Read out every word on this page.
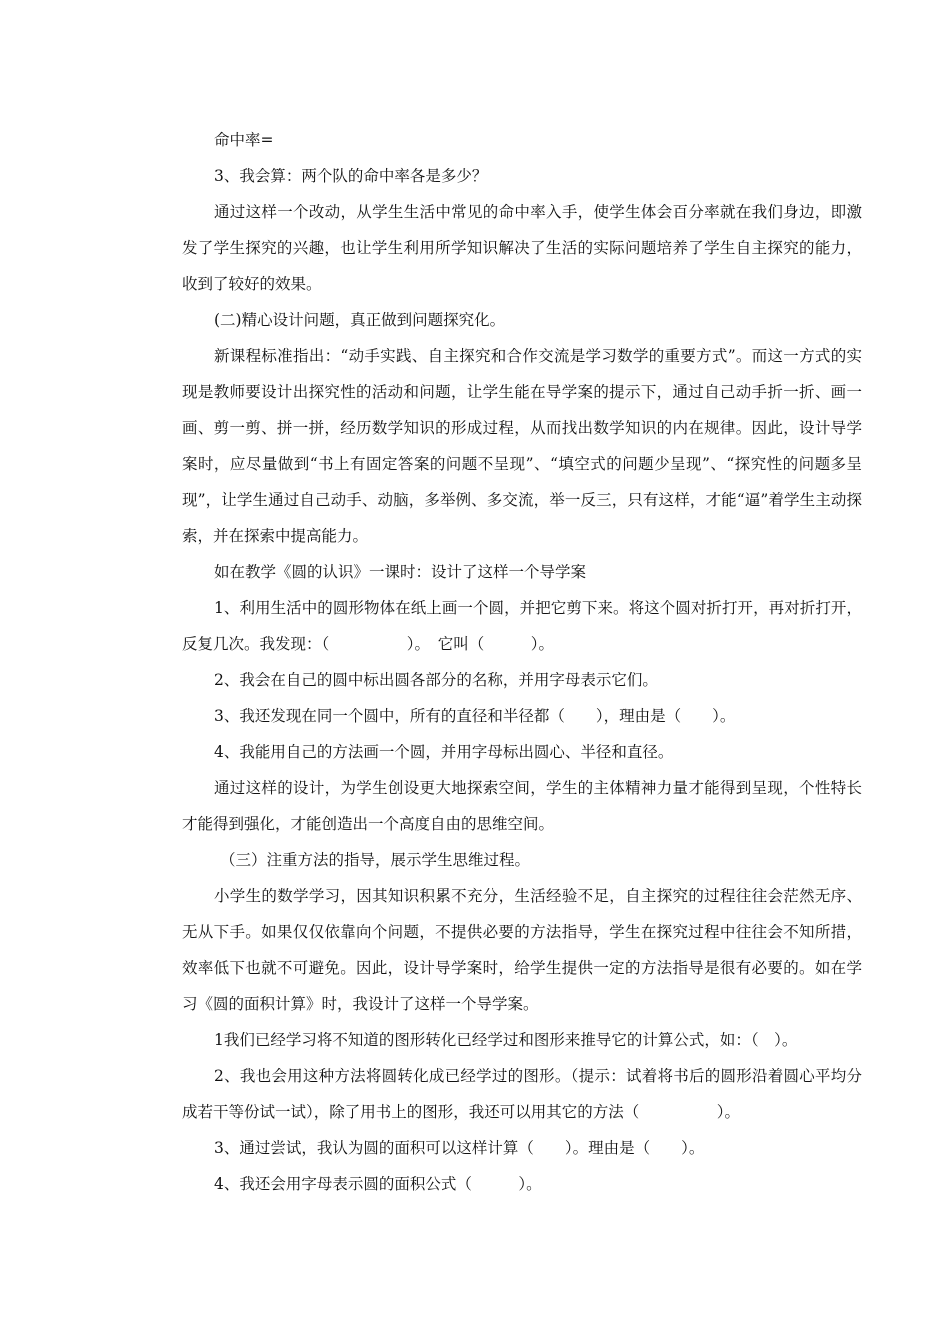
命中率=

3、我会算：两个队的命中率各是多少？

通过这样一个改动，从学生生活中常见的命中率入手，使学生体会百分率就在我们身边，即激发了学生探究的兴趣，也让学生利用所学知识解决了生活的实际问题培养了学生自主探究的能力，收到了较好的效果。

(二)精心设计问题，真正做到问题探究化。

新课程标准指出：“动手实践、自主探究和合作交流是学习数学的重要方式”。而这一方式的实现是教师要设计出探究性的活动和问题，让学生能在导学案的提示下，通过自己动手折一折、画一画、剪一剪、拼一拼，经历数学知识的形成过程，从而找出数学知识的内在规律。因此，设计导学案时，应尽量做到“书上有固定答案的问题不呈现”、“填空式的问题少呈现”、“探究性的问题多呈现”，让学生通过自己动手、动脑，多举例、多交流，举一反三，只有这样，才能“逼”着学生主动探索，并在探索中提高能力。

如在教学《圆的认识》一课时：设计了这样一个导学案

1、利用生活中的圆形物体在纸上画一个圆，并把它剪下来。将这个圆对折打开，再对折打开，反复几次。我发现：（　　　　　）。　它叫（　　　）。

2、我会在自己的圆中标出圆各部分的名称，并用字母表示它们。

3、我还发现在同一个圆中，所有的直径和半径都（　　），理由是（　　）。

4、我能用自己的方法画一个圆，并用字母标出圆心、半径和直径。

通过这样的设计，为学生创设更大地探索空间，学生的主体精神力量才能得到呈现，个性特长才能得到强化，才能创造出一个高度自由的思维空间。

（三）注重方法的指导，展示学生思维过程。

小学生的数学学习，因其知识积累不充分，生活经验不足，自主探究的过程往往会茫然无序、无从下手。如果仅仅依靠向个问题，不提供必要的方法指导，学生在探究过程中往往会不知所措，效率低下也就不可避免。因此，设计导学案时，给学生提供一定的方法指导是很有必要的。如在学习《圆的面积计算》时，我设计了这样一个导学案。

1我们已经学习将不知道的图形转化已经学过和图形来推导它的计算公式，如：（　）。

2、我也会用这种方法将圆转化成已经学过的图形。（提示：试着将书后的圆形沿着圆心平均分成若干等份试一试），除了用书上的图形，我还可以用其它的方法（　　　　　）。

3、通过尝试，我认为圆的面积可以这样计算（　　）。理由是（　　）。

4、我还会用字母表示圆的面积公式（　　　）。
